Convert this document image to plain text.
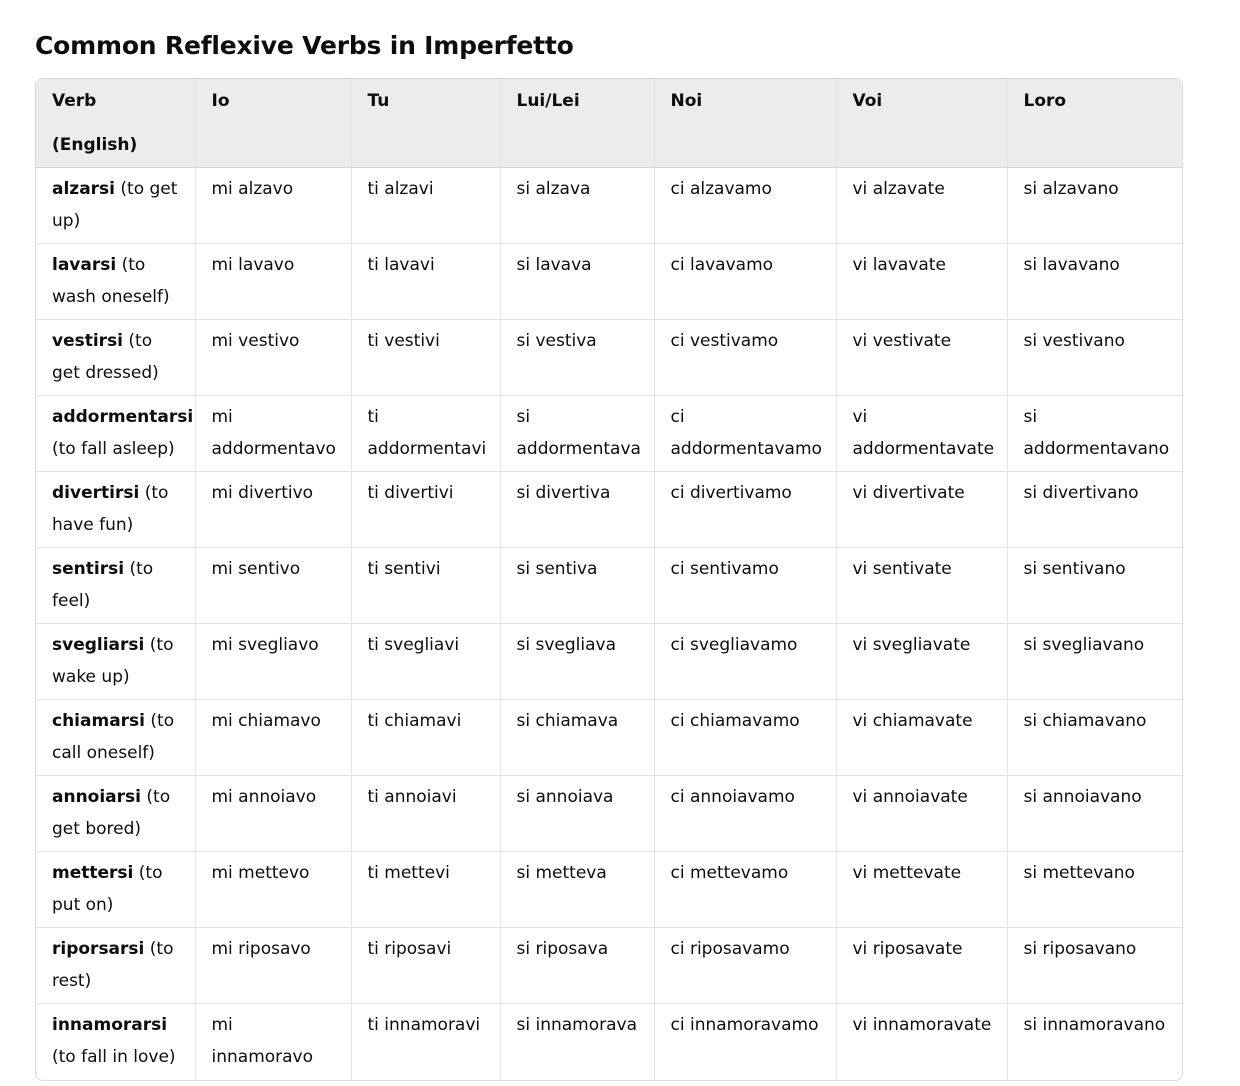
Common Reflexive Verbs in Imperfetto
Verb (English)	Io	Tu	Lui/Lei	Noi	Voi	Loro
alzarsi (to get up)	mi alzavo	ti alzavi	si alzava	ci alzavamo	vi alzavate	si alzavano
lavarsi (to wash oneself)	mi lavavo	ti lavavi	si lavava	ci lavavamo	vi lavavate	si lavavano
vestirsi (to get dressed)	mi vestivo	ti vestivi	si vestiva	ci vestivamo	vi vestivate	si vestivano
addormentarsi (to fall asleep)	mi addormentavo	ti addormentavi	si addormentava	ci addormentavamo	vi addormentavate	si addormentavano
divertirsi (to have fun)	mi divertivo	ti divertivi	si divertiva	ci divertivamo	vi divertivate	si divertivano
sentirsi (to feel)	mi sentivo	ti sentivi	si sentiva	ci sentivamo	vi sentivate	si sentivano
svegliarsi (to wake up)	mi svegliavo	ti svegliavi	si svegliava	ci svegliavamo	vi svegliavate	si svegliavano
chiamarsi (to call oneself)	mi chiamavo	ti chiamavi	si chiamava	ci chiamavamo	vi chiamavate	si chiamavano
annoiarsi (to get bored)	mi annoiavo	ti annoiavi	si annoiava	ci annoiavamo	vi annoiavate	si annoiavano
mettersi (to put on)	mi mettevo	ti mettevi	si metteva	ci mettevamo	vi mettevate	si mettevano
riporsarsi (to rest)	mi riposavo	ti riposavi	si riposava	ci riposavamo	vi riposavate	si riposavano
innamorarsi (to fall in love)	mi innamoravo	ti innamoravi	si innamorava	ci innamoravamo	vi innamoravate	si innamoravano
